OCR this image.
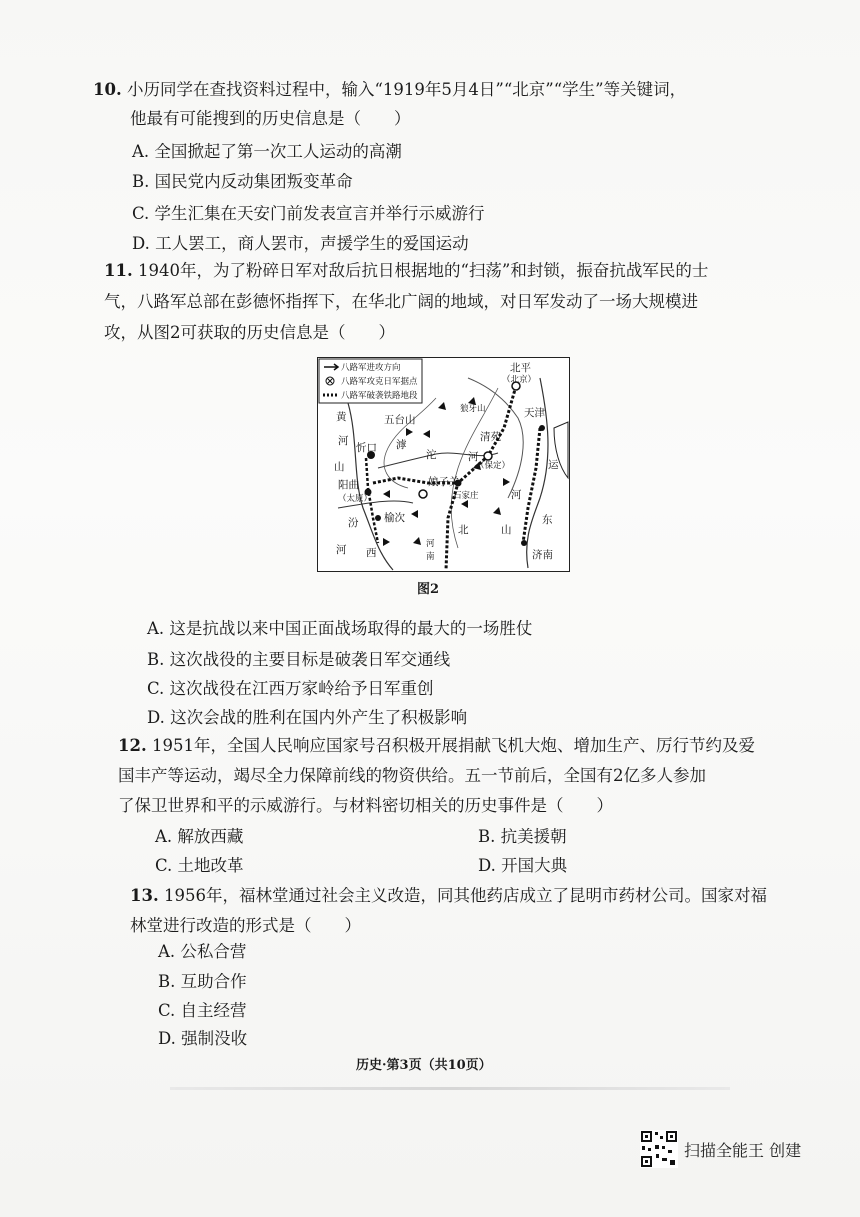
10. 小历同学在查找资料过程中，输入“1919年5月4日”“北京”“学生”等关键词，
他最有可能搜到的历史信息是（　　）
A. 全国掀起了第一次工人运动的高潮
B. 国民党内反动集团叛变革命
C. 学生汇集在天安门前发表宣言并举行示威游行
D. 工人罢工，商人罢市，声援学生的爱国运动
11. 1940年，为了粉碎日军对敌后抗日根据地的“扫荡”和封锁，振奋抗战军民的士
气，八路军总部在彭德怀指挥下，在华北广阔的地域，对日军发动了一场大规模进
攻，从图2可获取的历史信息是（　　）
八路军进攻方向
八路军攻克日军据点
八路军破袭铁路地段
北平
（北京）
天津
五台山
狼牙山
清苑
（保定）
忻口
娘子关
石家庄
阳曲
（太原）
榆次
济南
黄
河
山
滹
沱	河
运
河
汾
河 西
北	山
东
河
南
图2
A. 这是抗战以来中国正面战场取得的最大的一场胜仗
B. 这次战役的主要目标是破袭日军交通线
C. 这次战役在江西万家岭给予日军重创
D. 这次会战的胜利在国内外产生了积极影响
12. 1951年，全国人民响应国家号召积极开展捐献飞机大炮、增加生产、厉行节约及爱
国丰产等运动，竭尽全力保障前线的物资供给。五一节前后，全国有2亿多人参加
了保卫世界和平的示威游行。与材料密切相关的历史事件是（　　）
A. 解放西藏	B. 抗美援朝
C. 土地改革	D. 开国大典
13. 1956年，福林堂通过社会主义改造，同其他药店成立了昆明市药材公司。国家对福
林堂进行改造的形式是（　　）
A. 公私合营
B. 互助合作
C. 自主经营
D. 强制没收
历史·第3页（共10页）
扫描全能王 创建
